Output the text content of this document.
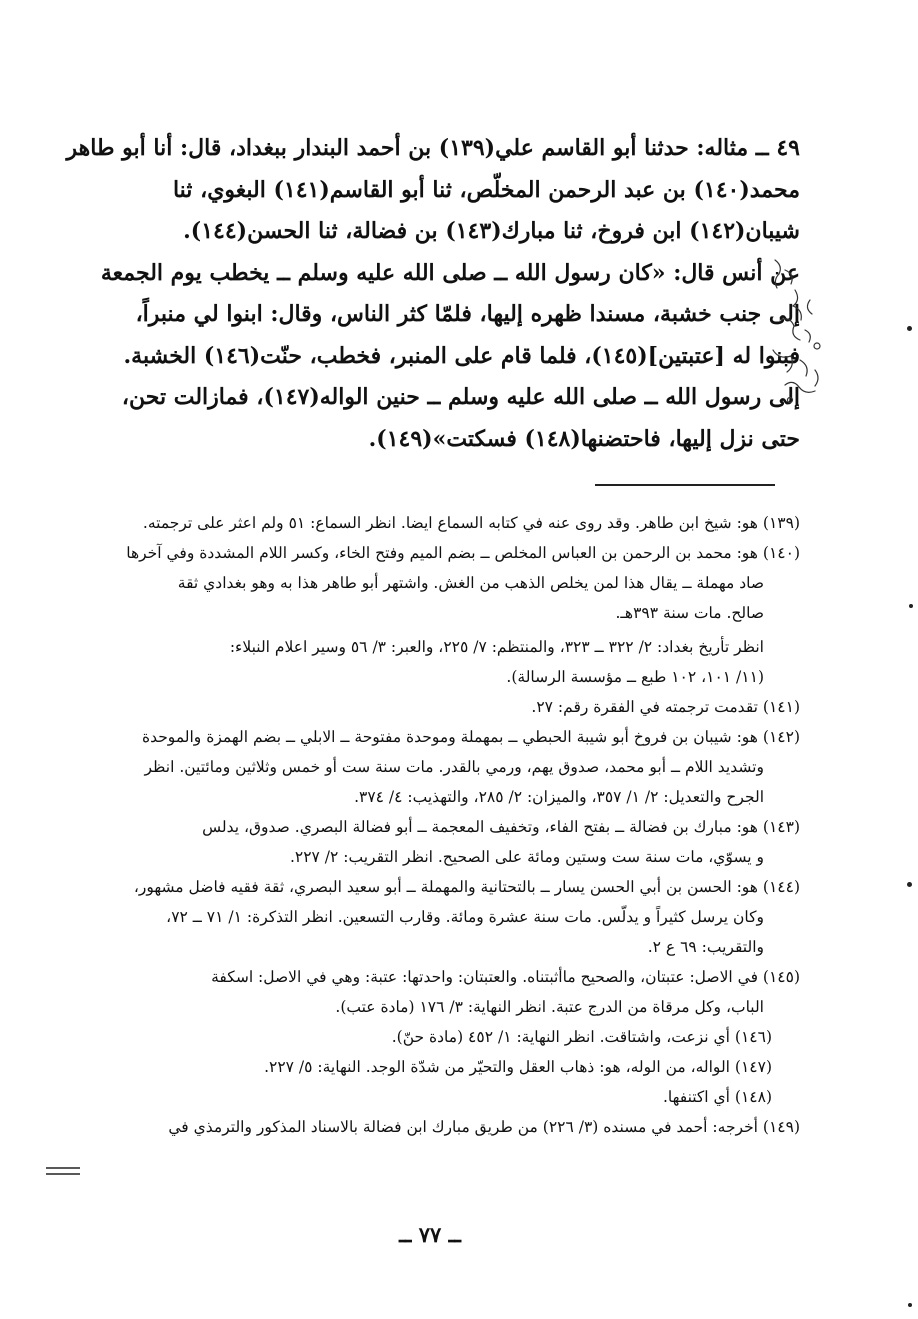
٤٩ ــ مثاله: حدثنا أبو القاسم علي(١٣٩) بن أحمد البندار ببغداد، قال: أنا أبو طاهر

محمد(١٤٠) بن عبد الرحمن المخلّص، ثنا أبو القاسم(١٤١) البغوي، ثنا

شيبان(١٤٢) ابن فروخ، ثنا مبارك(١٤٣) بن فضالة، ثنا الحسن(١٤٤).

عن أنس قال: «كان رسول الله ــ صلى الله عليه وسلم ــ يخطب يوم الجمعة

إلى جنب خشبة، مسندا ظهره إليها، فلمّا كثر الناس، وقال: ابنوا لي منبراً،

فبنوا له [عتبتين](١٤٥)، فلما قام على المنبر، فخطب، حنّت(١٤٦) الخشبة.

إلى رسول الله ــ صلى الله عليه وسلم ــ حنين الواله(١٤٧)، فمازالت تحن،

حتى نزل إليها، فاحتضنها(١٤٨) فسكتت»(١٤٩).

(١٣٩) هو: شيخ ابن طاهر. وقد روى عنه في كتابه السماع ايضا. انظر السماع: ٥١ ولم اعثر على ترجمته.

(١٤٠) هو: محمد بن الرحمن بن العباس المخلص ــ بضم الميم وفتح الخاء، وكسر اللام المشددة وفي آخرها

صاد مهملة ــ يقال هذا لمن يخلص الذهب من الغش. واشتهر أبو طاهر هذا به وهو بغدادي ثقة

صالح. مات سنة ٣٩٣هـ.

انظر تأريخ بغداد: ٢/ ٣٢٢ ــ ٣٢٣، والمنتظم: ٧/ ٢٢٥، والعبر: ٣/ ٥٦ وسير اعلام النبلاء:

(١١/ ١٠١، ١٠٢ طبع ــ مؤسسة الرسالة).

(١٤١) تقدمت ترجمته في الفقرة رقم: ٢٧.

(١٤٢) هو: شيبان بن فروخ أبو شيبة الحبطي ــ بمهملة وموحدة مفتوحة ــ الابلي ــ بضم الهمزة والموحدة

وتشديد اللام ــ أبو محمد، صدوق يهم، ورمي بالقدر. مات سنة ست أو خمس وثلاثين ومائتين. انظر

الجرح والتعديل: ٢/ ١/ ٣٥٧، والميزان: ٢/ ٢٨٥، والتهذيب: ٤/ ٣٧٤.

(١٤٣) هو: مبارك بن فضالة ــ بفتح الفاء، وتخفيف المعجمة ــ أبو فضالة البصري. صدوق، يدلس

و يسوّي، مات سنة ست وستين ومائة على الصحيح. انظر التقريب: ٢/ ٢٢٧.

(١٤٤) هو: الحسن بن أبي الحسن يسار ــ بالتحتانية والمهملة ــ أبو سعيد البصري، ثقة فقيه فاضل مشهور،

وكان يرسل كثيراً و يدلّس. مات سنة عشرة ومائة. وقارب التسعين. انظر التذكرة: ١/ ٧١ ــ ٧٢،

والتقريب: ٦٩ ع ٢.

(١٤٥) في الاصل: عتبتان، والصحيح ماأثبتناه. والعتبتان: واحدتها: عتبة: وهي في الاصل: اسكفة

الباب، وكل مرقاة من الدرج عتبة. انظر النهاية: ٣/ ١٧٦ (مادة عتب).

(١٤٦) أي نزعت، واشتاقت. انظر النهاية: ١/ ٤٥٢ (مادة حنّ).

(١٤٧) الواله، من الوله، هو: ذهاب العقل والتحيّر من شدّة الوجد. النهاية: ٥/ ٢٢٧.

(١٤٨) أي اكتنفها.

(١٤٩) أخرجه: أحمد في مسنده (٣/ ٢٢٦) من طريق مبارك ابن فضالة بالاسناد المذكور والترمذي في

ــ ٧٧ ــ
